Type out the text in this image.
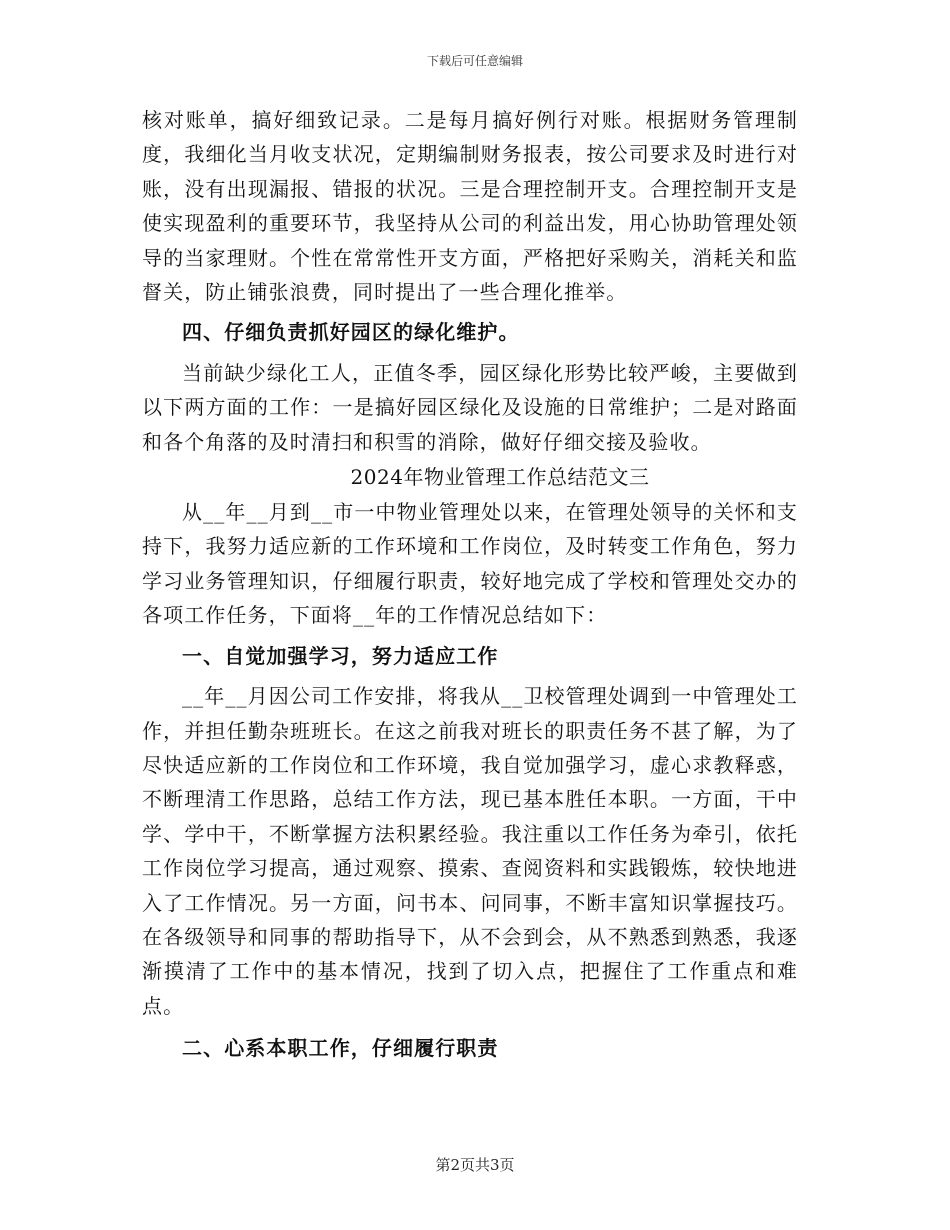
下载后可任意编辑

核对账单，搞好细致记录。二是每月搞好例行对账。根据财务管理制度，我细化当月收支状况，定期编制财务报表，按公司要求及时进行对账，没有出现漏报、错报的状况。三是合理控制开支。合理控制开支是使实现盈利的重要环节，我坚持从公司的利益出发，用心协助管理处领导的当家理财。个性在常常性开支方面，严格把好采购关，消耗关和监督关，防止铺张浪费，同时提出了一些合理化推举。

四、仔细负责抓好园区的绿化维护。

当前缺少绿化工人，正值冬季，园区绿化形势比较严峻，主要做到以下两方面的工作：一是搞好园区绿化及设施的日常维护；二是对路面和各个角落的及时清扫和积雪的消除，做好仔细交接及验收。

2024年物业管理工作总结范文三

从__年__月到__市一中物业管理处以来，在管理处领导的关怀和支持下，我努力适应新的工作环境和工作岗位，及时转变工作角色，努力学习业务管理知识，仔细履行职责，较好地完成了学校和管理处交办的各项工作任务，下面将__年的工作情况总结如下：

一、自觉加强学习，努力适应工作

__年__月因公司工作安排，将我从__卫校管理处调到一中管理处工作，并担任勤杂班班长。在这之前我对班长的职责任务不甚了解，为了尽快适应新的工作岗位和工作环境，我自觉加强学习，虚心求教释惑，不断理清工作思路，总结工作方法，现已基本胜任本职。一方面，干中学、学中干，不断掌握方法积累经验。我注重以工作任务为牵引，依托工作岗位学习提高，通过观察、摸索、查阅资料和实践锻炼，较快地进入了工作情况。另一方面，问书本、问同事，不断丰富知识掌握技巧。在各级领导和同事的帮助指导下，从不会到会，从不熟悉到熟悉，我逐渐摸清了工作中的基本情况，找到了切入点，把握住了工作重点和难点。

二、心系本职工作，仔细履行职责

第2页共3页
